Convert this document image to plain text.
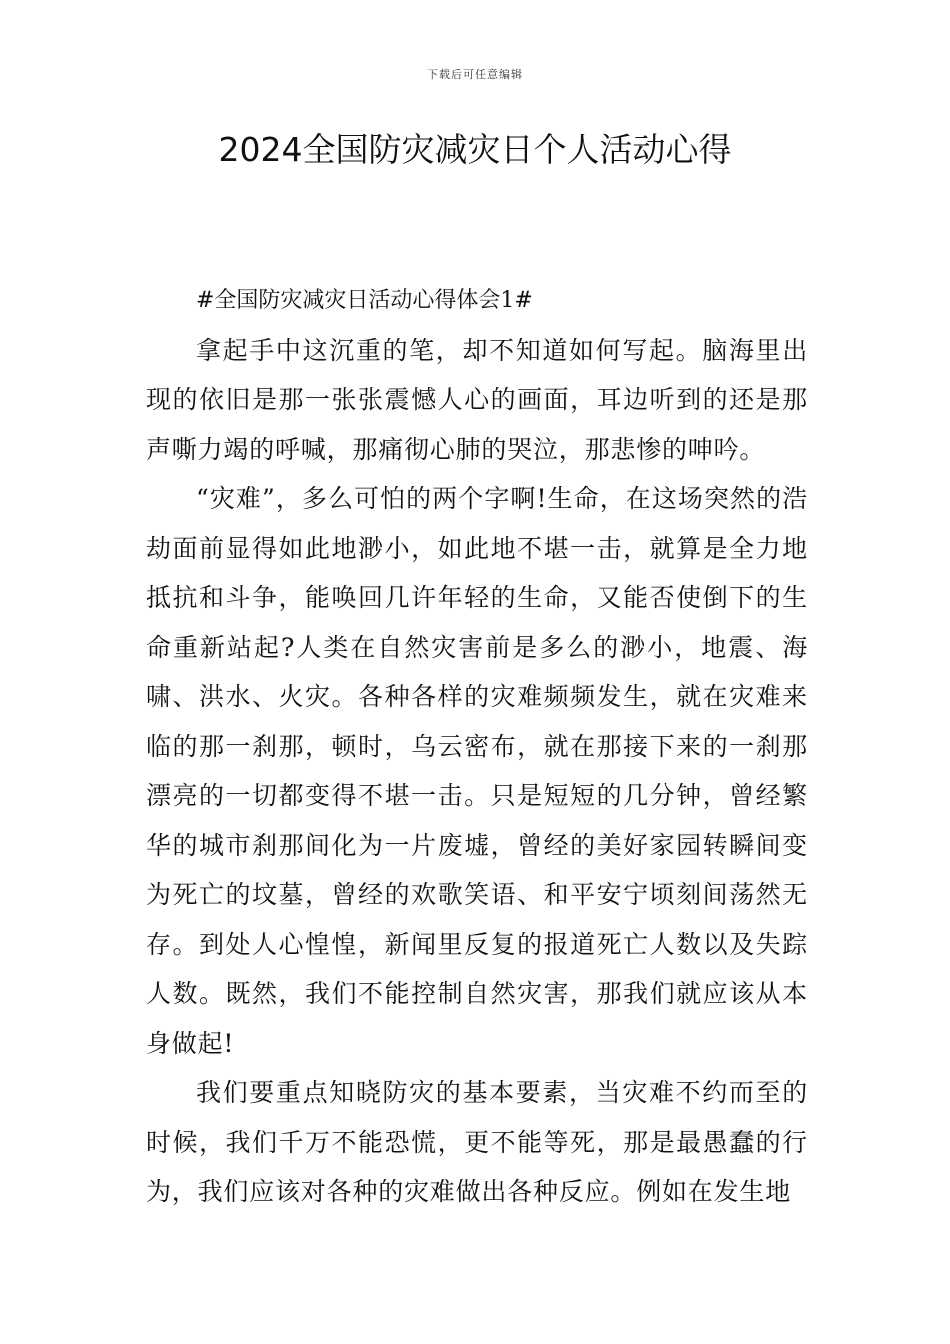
下载后可任意编辑
2024全国防灾减灾日个人活动心得

#全国防灾减灾日活动心得体会1#

拿起手中这沉重的笔，却不知道如何写起。脑海里出现的依旧是那一张张震憾人心的画面，耳边听到的还是那声嘶力竭的呼喊，那痛彻心肺的哭泣，那悲惨的呻吟。

“灾难”，多么可怕的两个字啊!生命，在这场突然的浩劫面前显得如此地渺小，如此地不堪一击，就算是全力地抵抗和斗争，能唤回几许年轻的生命，又能否使倒下的生命重新站起?人类在自然灾害前是多么的渺小，地震、海啸、洪水、火灾。各种各样的灾难频频发生，就在灾难来临的那一刹那，顿时，乌云密布，就在那接下来的一刹那漂亮的一切都变得不堪一击。只是短短的几分钟，曾经繁华的城市刹那间化为一片废墟，曾经的美好家园转瞬间变为死亡的坟墓，曾经的欢歌笑语、和平安宁顷刻间荡然无存。到处人心惶惶，新闻里反复的报道死亡人数以及失踪人数。既然，我们不能控制自然灾害，那我们就应该从本身做起!

我们要重点知晓防灾的基本要素，当灾难不约而至的时候，我们千万不能恐慌，更不能等死，那是最愚蠢的行为，我们应该对各种的灾难做出各种反应。例如在发生地
